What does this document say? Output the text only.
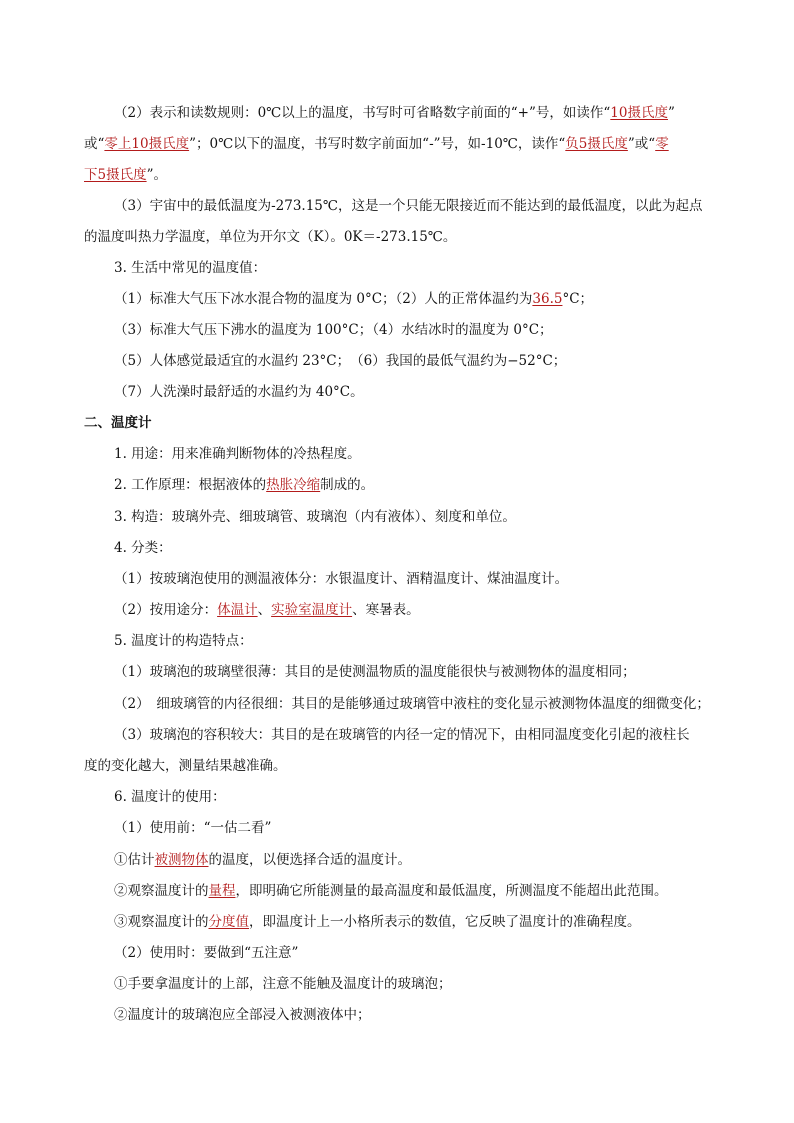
（2）表示和读数规则：0℃以上的温度，书写时可省略数字前面的“+”号，如读作“10摄氏度”
或“零上10摄氏度”；0℃以下的温度，书写时数字前面加“-”号，如-10℃，读作“负5摄氏度”或“零
下5摄氏度”。
（3）宇宙中的最低温度为-273.15℃，这是一个只能无限接近而不能达到的最低温度，以此为起点
的温度叫热力学温度，单位为开尔文（K）。0K＝-273.15℃。
3. 生活中常见的温度值：
（1）标准大气压下冰水混合物的温度为 0°C；（2）人的正常体温约为36.5°C；
（3）标准大气压下沸水的温度为 100°C；（4）水结冰时的温度为 0°C；
（5）人体感觉最适宜的水温约 23°C；　（6）我国的最低气温约为−52°C；
（7）人洗澡时最舒适的水温约为 40°C。
二、温度计
1. 用途：用来准确判断物体的冷热程度。
2. 工作原理：根据液体的热胀冷缩制成的。
3. 构造：玻璃外壳、细玻璃管、玻璃泡（内有液体）、刻度和单位。
4. 分类：
（1）按玻璃泡使用的测温液体分：水银温度计、酒精温度计、煤油温度计。
（2）按用途分：体温计、实验室温度计、寒暑表。
5. 温度计的构造特点：
（1）玻璃泡的玻璃壁很薄：其目的是使测温物质的温度能很快与被测物体的温度相同；
（2）　细玻璃管的内径很细：其目的是能够通过玻璃管中液柱的变化显示被测物体温度的细微变化；
（3）玻璃泡的容积较大：其目的是在玻璃管的内径一定的情况下，由相同温度变化引起的液柱长
度的变化越大，测量结果越准确。
6. 温度计的使用：
（1）使用前：“一估二看”
①估计被测物体的温度，以便选择合适的温度计。
②观察温度计的量程，即明确它所能测量的最高温度和最低温度，所测温度不能超出此范围。
③观察温度计的分度值，即温度计上一小格所表示的数值，它反映了温度计的准确程度。
（2）使用时：要做到“五注意”
①手要拿温度计的上部，注意不能触及温度计的玻璃泡；
②温度计的玻璃泡应全部浸入被测液体中；
